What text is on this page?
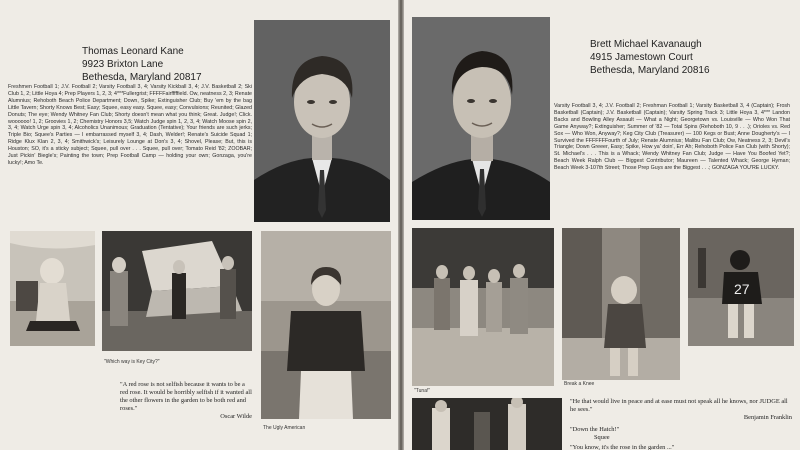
Thomas Leonard Kane
9923 Brixton Lane
Bethesda, Maryland 20817
Freshmen Football 1; J.V. Football 2; Varsity Football 3, 4; Varsity Kickball 3, 4; J.V. Basketball 2; Ski Club 1, 2; Little Hoya 4; Prep Players 1, 2, 3; 4***Fullergrist; FFFFFairfffffield. Ow, neatness 2, 3; Renate Alumnius; Rehoboth Beach Police Department; Down, Spike; Extinguisher Club; Buy 'em by the bag Little Tavern; Shorty Knows Best; Easy; Squee, easy easy. Squee, easy; Convulsions; Reunited; Glazed Donuts; The eye; Wendy Whitney Fan Club; Shorty doesn't mean what you think; Great. Judge!; Click. woooooo! 1, 2; Groovies 1, 2; Chemistry Honors 3,5; Watch Judge spin 1, 2, 3, 4; Watch Moose spin 2, 3, 4; Watch Urge spin 3, 4; Alcoholics Unanimous; Graduation (Tentative); Your friends are such jerks; Triple Bio; Squee's Parties — I embarrassed myself 3, 4; Dash, Welder!; Renate's Suicide Squad 1; Ridge Klux Klan 2, 3, 4; Smithwick's; Leisurely Lounge at Don's 3, 4; Shovel, Please; But, this is Houston; SO, it's a sticky subject; Squee, pull over . . . Squee, pull over; Tomato Reid '82; ZOOBAR; Just Pickin' Biegle's; Painting the town; Prep Football Camp — holding your own; Gonzaga, you're lucky!; Amo Te.
"Which way is Key City?"
The Ugly American
"A red rose is not selfish because it wants to be a red rose. It would be horribly selfish if it wanted all the other flowers in the garden to be both red and roses."
Oscar Wilde
Brett Michael Kavanaugh
4915 Jamestown Court
Bethesda, Maryland 20816
Varsity Football 3, 4; J.V. Football 2; Freshman Football 1; Varsity Basketball 3, 4 (Captain); Frosh Basketball (Captain); J.V. Basketball (Captain); Varsity Spring Track 3; Little Hoya 3, 4*** Landon Backs and Bowling Alley Assault — What a Night; Georgetown vs. Louisville — Who Won That Game Anyway?; Extinguisher; Summer of '82 — Total Spins (Rehoboth 10, 9 . . .); Orioles vs. Red Sox — Who Won, Anyway?; Keg City Club (Treasurer) — 100 Kegs or Bust; Anne Dougherty's — I Survived the FFFFFFFourth of July; Renate Alumnius; Malibu Fan Club; Ow, Neatness 2, 3; Devil's Triangle; Down Greeer, Easy; Spike, How ya' doin', Err Ah; Rehoboth Police Fan Club (with Shorty); St. Michael's . . . This is a Whack; Wendy Whitney Fan Club; Judge — Have You Boofed Yet?; Beach Week Ralph Club — Biggest Contributor; Maureen — Talented Whack; George Hyman; Beach Week 3-107th Street; Those Prep Guys are the Biggest . . .; GONZAGA YOU'RE LUCKY.
"Tuna!"
Break a Knee
27
"He that would live in peace and at ease must not speak all he knows, nor JUDGE all he sees."
Benjamin Franklin
"Down the Hatch!"
Squee
"You know, it's the rose in the garden ..."
